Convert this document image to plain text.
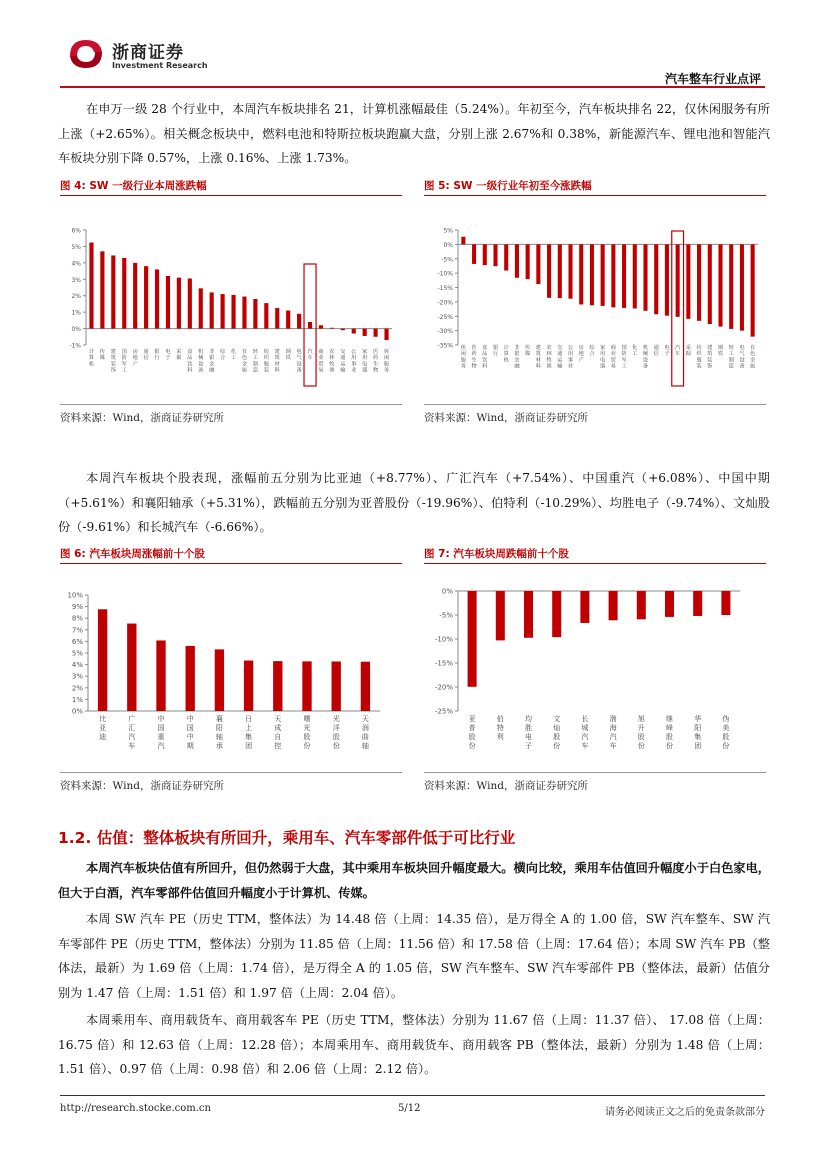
浙商证券
Investment Research
汽车整车行业点评

在申万一级 28 个行业中，本周汽车板块排名 21，计算机涨幅最佳（5.24%）。年初至今，汽车板块排名 22，仅休闲服务有所上涨（+2.65%）。相关概念板块中，燃料电池和特斯拉板块跑赢大盘，分别上涨 2.67%和 0.38%，新能源汽车、锂电池和智能汽车板块分别下降 0.57%，上涨 0.16%、上涨 1.73%。

图 4: SW 一级行业本周涨跌幅
-1%
0%
1%
2%
3%
4%
5%
6%
计
算
机
传
媒
建
筑
装
饰
国
防
军
工
房
地
产
通
信
银
行
电
子
采
掘
食
品
饮
料
机
械
设
备
非
银
金
融
综
合
化
工
有
色
金
属
轻
工
制
造
纺
织
服
装
建
筑
材
料
钢
铁
电
气
设
备
汽
车
商
业
贸
易
农
林
牧
渔
交
通
运
输
公
用
事
业
家
用
电
器
医
药
生
物
休
闲
服
务
资料来源：Wind，浙商证券研究所
图 5: SW 一级行业年初至今涨跌幅
5%
0%
-5%
-10%
-15%
-20%
-25%
-30%
-35% 休
闲
服
务
医
药
生
物
食
品
饮
料
银
行
计
算
机
非
银
金
融
传
媒
建
筑
材
料
农
林
牧
渔
交
通
运
输
公
用
事
业
房
地
产
综
合
家
用
电
器
商
业
贸
易
国
防
军
工
化
工
机
械
设
备
通
信
电
子
汽
车
采
掘
纺
织
服
装
建
筑
装
饰
钢
铁
轻
工
制
造
电
气
设
备
有
色
金
属
资料来源：Wind，浙商证券研究所

本周汽车板块个股表现，涨幅前五分别为比亚迪（+8.77%）、广汇汽车（+7.54%）、中国重汽（+6.08%）、中国中期（+5.61%）和襄阳轴承（+5.31%），跌幅前五分别为亚普股份（-19.96%）、伯特利（-10.29%）、均胜电子（-9.74%）、文灿股份（-9.61%）和长城汽车（-6.66%）。

图 6: 汽车板块周涨幅前十个股
0%
1%
2%
3%
4%
5%
6%
7%
8%
9%
10%
比
亚
迪
广
汇
汽
车
中
国
重
汽
中
国
中
期
襄
阳
轴
承
日
上
集
团
天
成
自
控
曙
光
股
份
光
洋
股
份
天
润
曲
轴
资料来源：Wind，浙商证券研究所
图 7: 汽车板块周跌幅前十个股
0%
-5%
-10%
-15%
-20%
-25%
亚
普
股
份
伯
特
利
均
胜
电
子
文
灿
股
份
长
城
汽
车
渤
海
汽
车
旭
升
股
份
继
峰
股
份
华
阳
集
团
伪
美
股
份
资料来源：Wind，浙商证券研究所
1.2. 估值：整体板块有所回升，乘用车、汽车零部件低于可比行业

本周汽车板块估值有所回升，但仍然弱于大盘，其中乘用车板块回升幅度最大。横向比较，乘用车估值回升幅度小于白色家电，但大于白酒，汽车零部件估值回升幅度小于计算机、传媒。

本周 SW 汽车 PE（历史 TTM，整体法）为 14.48 倍（上周：14.35 倍），是万得全 A 的 1.00 倍，SW 汽车整车、SW 汽车零部件 PE（历史 TTM，整体法）分别为 11.85 倍（上周：11.56 倍）和 17.58 倍（上周：17.64 倍）；本周 SW 汽车 PB（整体法，最新）为 1.69 倍（上周：1.74 倍），是万得全 A 的 1.05 倍，SW 汽车整车、SW 汽车零部件 PB（整体法，最新）估值分别为 1.47 倍（上周：1.51 倍）和 1.97 倍（上周：2.04 倍）。

本周乘用车、商用载货车、商用载客车 PE（历史 TTM，整体法）分别为 11.67 倍（上周：11.37 倍）、 17.08 倍（上周：16.75 倍）和 12.63 倍（上周：12.28 倍）；本周乘用车、商用载货车、商用载客 PB（整体法，最新）分别为 1.48 倍（上周：1.51 倍）、0.97 倍（上周：0.98 倍）和 2.06 倍（上周：2.12 倍）。

http://research.stocke.com.cn	5/12	请务必阅读正文之后的免责条款部分
